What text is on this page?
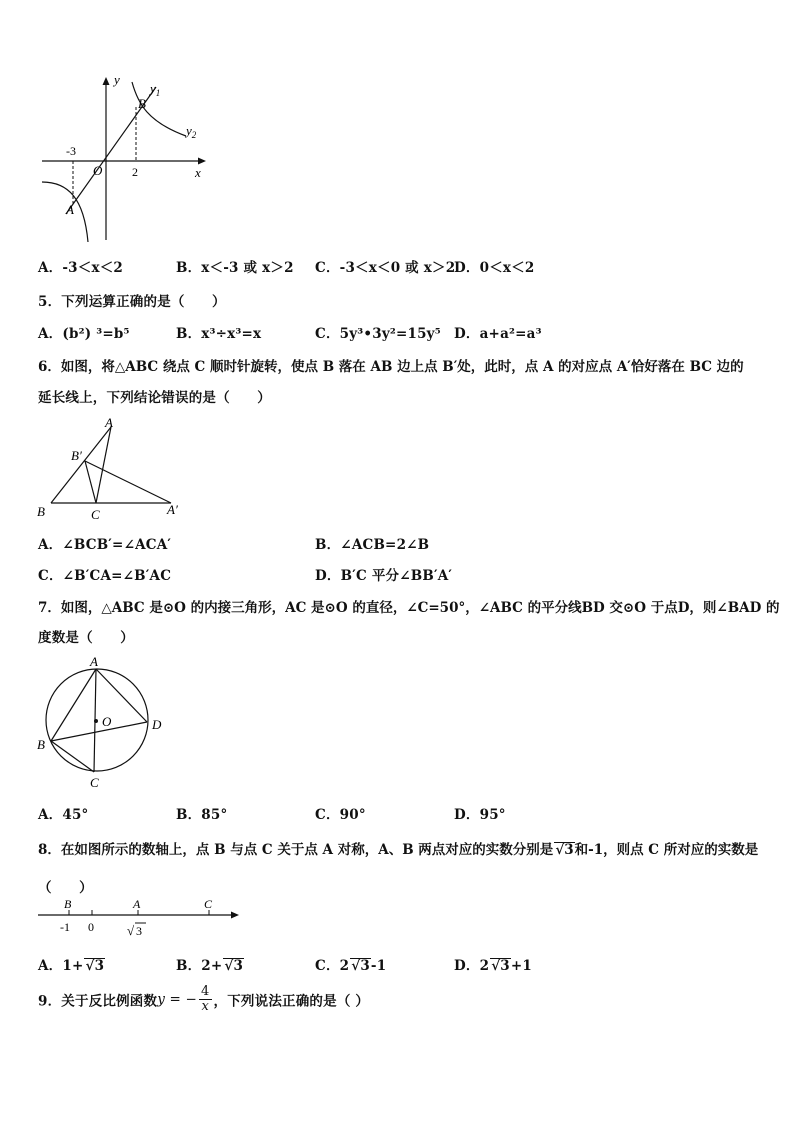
y
x
O
-3
2
A
B
$y_1$
$y_2$
A．-3＜x＜2	B．x＜-3 或 x＞2 C．-3＜x＜0 或 x＞2
D．0＜x＜2
5．下列运算正确的是（　　）
A．(b²) ³=b⁵	B．x³÷x³=x	C．5y³•3y²=15y⁵ D．a+a²=a³
6．如图，将△ABC 绕点 C 顺时针旋转，使点 B 落在 AB 边上点 B′处，此时，点 A 的对应点 A′恰好落在 BC 边的
延长线上，下列结论错误的是（　　）
A
B′
B	C	A′
A．∠BCB′=∠ACA′	B．∠ACB=2∠B
C．∠B′CA=∠B′AC	D．B′C 平分∠BB′A′
7．如图，△ABC 是⊙O 的内接三角形，AC 是⊙O 的直径，∠C=50°，∠ABC 的平分线BD 交⊙O 于点D，则∠BAD 的
度数是（　　）
A
O	D
B
C
A．45°	B．85°	C．90°	D．95°
8．在如图所示的数轴上，点 B 与点 C 关于点 A 对称，A、B 两点对应的实数分别是 √3和-1，则点 C 所对应的实数是
（　　）
B	A	C
-1 0	√ 3
A．1+ √3	B．2+ √3	C．2 √3-1	D．2 √3+1
9．关于反比例函数y = − $\frac{4}{x}$ ，下列说法正确的是（ ）
